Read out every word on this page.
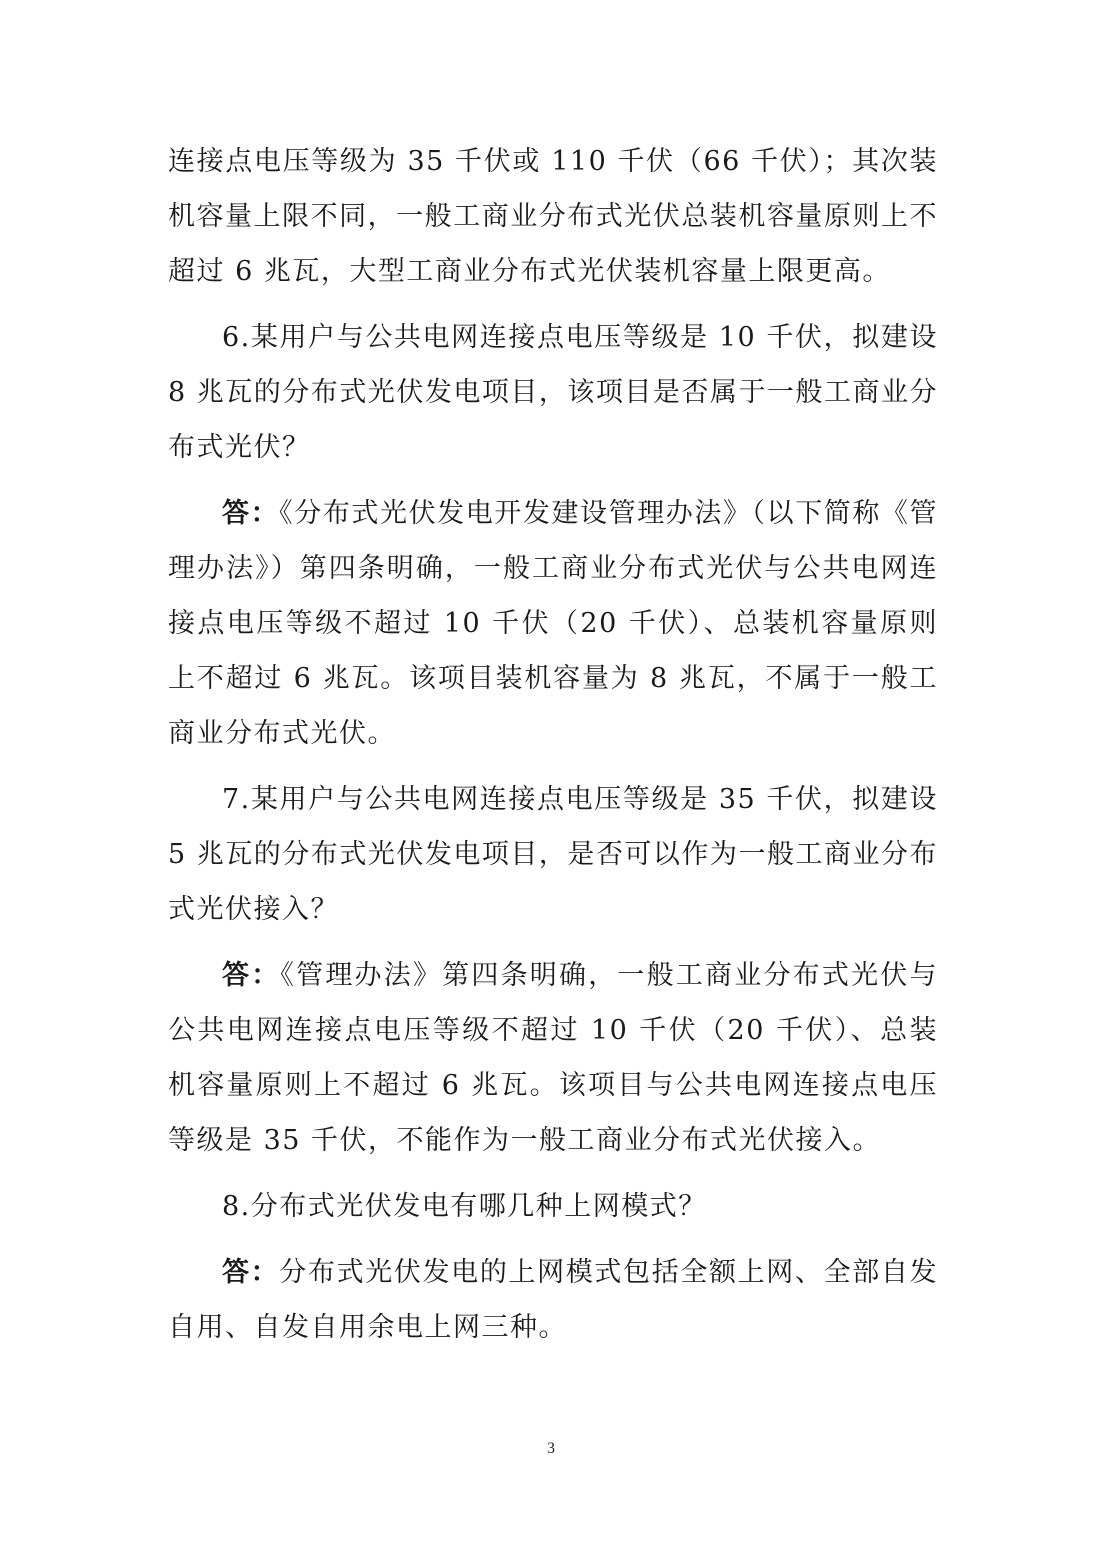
连接点电压等级为 35 千伏或 110 千伏（66 千伏）；其次装机容量上限不同，一般工商业分布式光伏总装机容量原则上不超过 6 兆瓦，大型工商业分布式光伏装机容量上限更高。

6.某用户与公共电网连接点电压等级是 10 千伏，拟建设 8 兆瓦的分布式光伏发电项目，该项目是否属于一般工商业分布式光伏？

答：《分布式光伏发电开发建设管理办法》（以下简称《管理办法》）第四条明确，一般工商业分布式光伏与公共电网连接点电压等级不超过 10 千伏（20 千伏）、总装机容量原则上不超过 6 兆瓦。该项目装机容量为 8 兆瓦，不属于一般工商业分布式光伏。

7.某用户与公共电网连接点电压等级是 35 千伏，拟建设 5 兆瓦的分布式光伏发电项目，是否可以作为一般工商业分布式光伏接入？

答：《管理办法》第四条明确，一般工商业分布式光伏与公共电网连接点电压等级不超过 10 千伏（20 千伏）、总装机容量原则上不超过 6 兆瓦。该项目与公共电网连接点电压等级是 35 千伏，不能作为一般工商业分布式光伏接入。

8.分布式光伏发电有哪几种上网模式？

答：分布式光伏发电的上网模式包括全额上网、全部自发自用、自发自用余电上网三种。

3
